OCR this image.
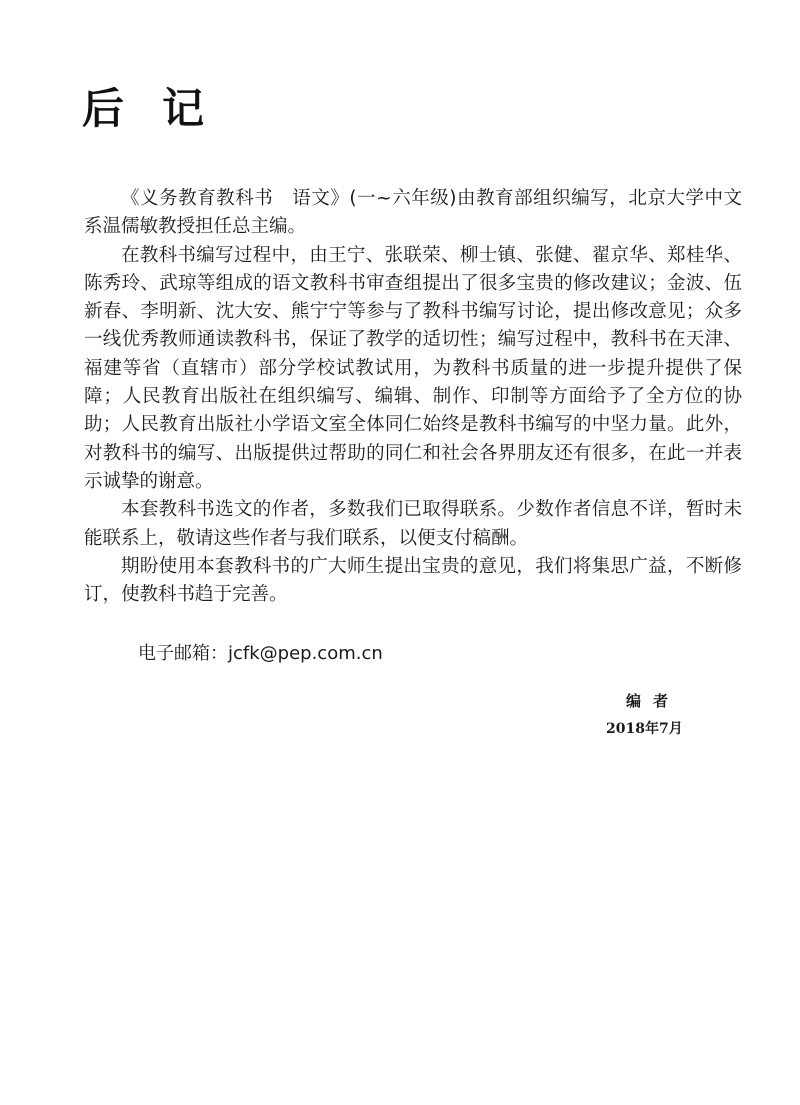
后记

《义务教育教科书　语文》(一~六年级)由教育部组织编写，北京大学中文系温儒敏教授担任总主编。

在教科书编写过程中，由王宁、张联荣、柳士镇、张健、翟京华、郑桂华、陈秀玲、武琼等组成的语文教科书审查组提出了很多宝贵的修改建议；金波、伍新春、李明新、沈大安、熊宁宁等参与了教科书编写讨论，提出修改意见；众多一线优秀教师通读教科书，保证了教学的适切性；编写过程中，教科书在天津、福建等省（直辖市）部分学校试教试用，为教科书质量的进一步提升提供了保障；人民教育出版社在组织编写、编辑、制作、印制等方面给予了全方位的协助；人民教育出版社小学语文室全体同仁始终是教科书编写的中坚力量。此外，对教科书的编写、出版提供过帮助的同仁和社会各界朋友还有很多，在此一并表示诚挚的谢意。

本套教科书选文的作者，多数我们已取得联系。少数作者信息不详，暂时未能联系上，敬请这些作者与我们联系，以便支付稿酬。

期盼使用本套教科书的广大师生提出宝贵的意见，我们将集思广益，不断修订，使教科书趋于完善。

电子邮箱：jcfk@pep.com.cn
编者
2018年7月
